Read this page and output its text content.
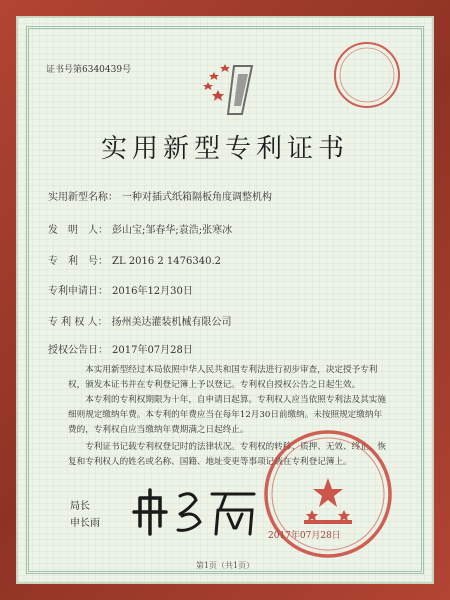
证书号第6340439号
实用新型专利证书
实用新型名称： 一种对插式纸箱隔板角度调整机构
发　明　人： 彭山宝;邹春华;袁浩;张寒冰
专　利　号： ZL 2016 2 1476340.2
专利申请日： 2016年12月30日
专 利 权 人： 扬州美达灌装机械有限公司
授权公告日： 2017年07月28日
本实用新型经过本局依照中华人民共和国专利法进行初步审查，决定授予专利权，颁发本证书并在专利登记簿上予以登记。专利权自授权公告之日起生效。
本专利的专利权期限为十年，自申请日起算。专利权人应当依照专利法及其实施细则规定缴纳年费。本专利的年费应当在每年12月30日前缴纳。未按照规定缴纳年费的，专利权自应当缴纳年费期满之日起终止。
专利证书记载专利权登记时的法律状况。专利权的转移、质押、无效、终止、恢复和专利权人的姓名或名称、国籍、地址变更等事项记载在专利登记簿上。
局长
申长雨
2017年07月28日
第1页（共1页）
